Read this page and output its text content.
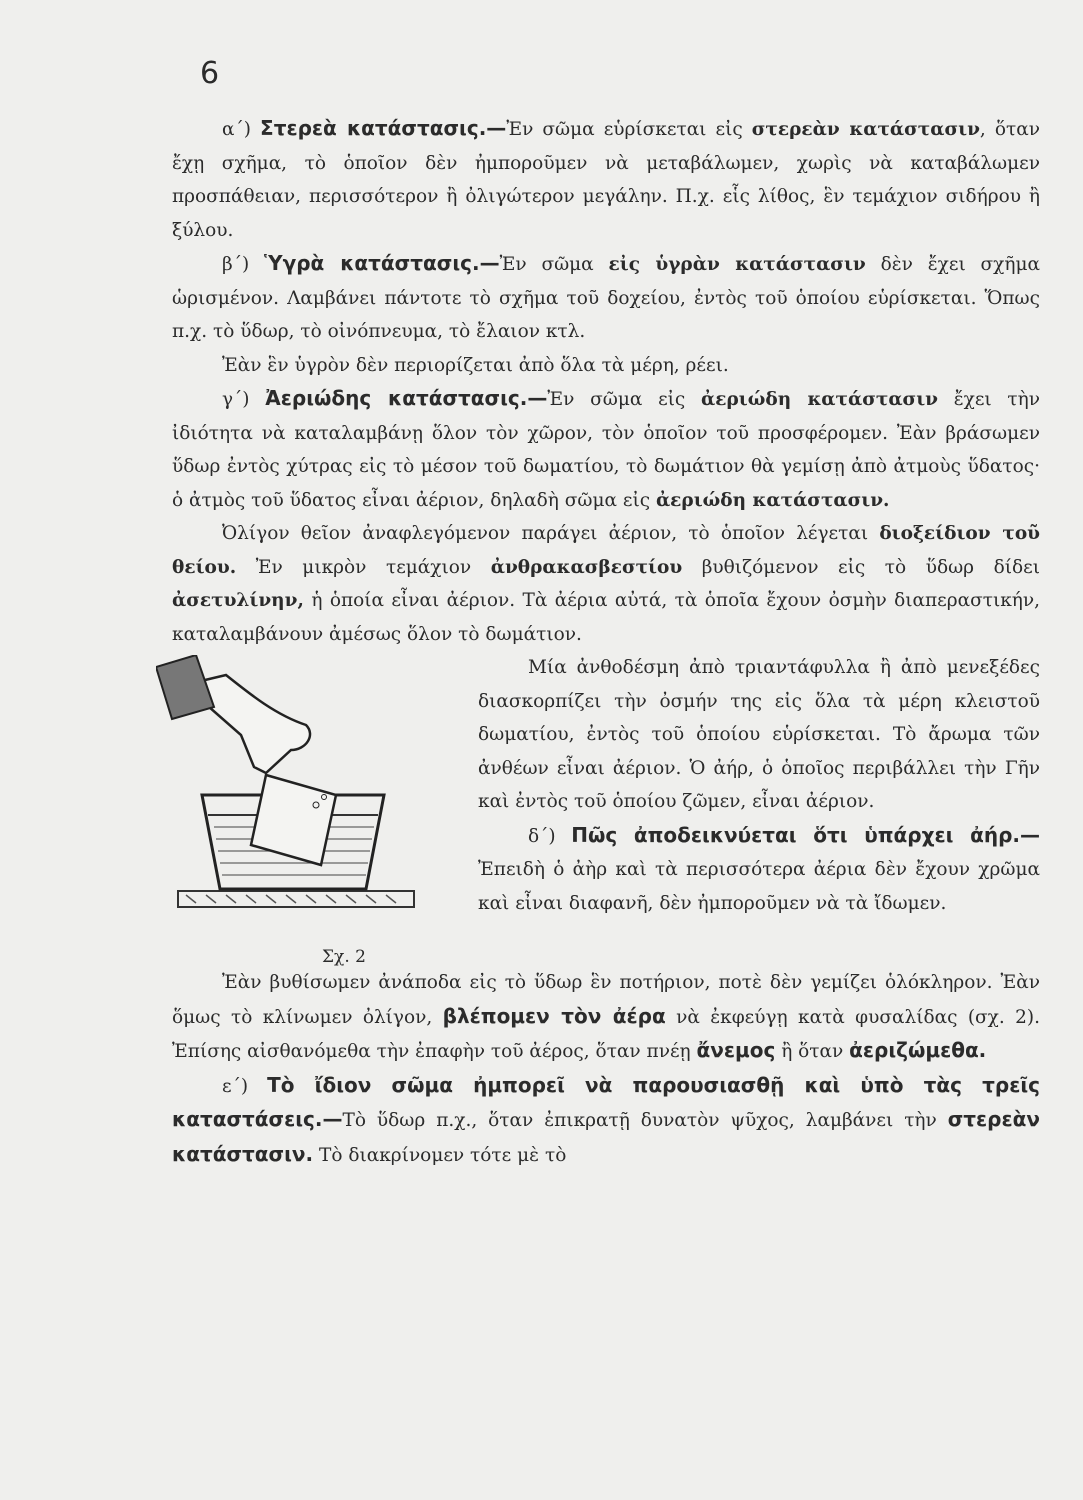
6

α΄) Στερεὰ κατάστασις.—Ἐν σῶμα εὑρίσκεται εἰς στερεὰν κατάστασιν, ὅταν ἔχῃ σχῆμα, τὸ ὁποῖον δὲν ἠμποροῦμεν νὰ μεταβάλωμεν, χωρὶς νὰ καταβάλωμεν προσπάθειαν, περισσότερον ἢ ὀλιγώτερον μεγάλην. Π.χ. εἷς λίθος, ἓν τεμάχιον σιδήρου ἢ ξύλου.

β΄) Ὑγρὰ κατάστασις.—Ἐν σῶμα εἰς ὑγρὰν κατάστασιν δὲν ἔχει σχῆμα ὡρισμένον. Λαμβάνει πάντοτε τὸ σχῆμα τοῦ δοχείου, ἐντὸς τοῦ ὁποίου εὑρίσκεται. Ὅπως π.χ. τὸ ὕδωρ, τὸ οἰνόπνευμα, τὸ ἔλαιον κτλ.

Ἐὰν ἓν ὑγρὸν δὲν περιορίζεται ἀπὸ ὅλα τὰ μέρη, ρέει.

γ΄) Ἀεριώδης κατάστασις.—Ἐν σῶμα εἰς ἀεριώδη κατάστασιν ἔχει τὴν ἰδιότητα νὰ καταλαμβάνῃ ὅλον τὸν χῶρον, τὸν ὁποῖον τοῦ προσφέρομεν. Ἐὰν βράσωμεν ὕδωρ ἐντὸς χύτρας εἰς τὸ μέσον τοῦ δωματίου, τὸ δωμάτιον θὰ γεμίσῃ ἀπὸ ἀτμοὺς ὕδατος· ὁ ἀτμὸς τοῦ ὕδατος εἶναι ἀέριον, δηλαδὴ σῶμα εἰς ἀεριώδη κατάστασιν.

Ὀλίγον θεῖον ἀναφλεγόμενον παράγει ἀέριον, τὸ ὁποῖον λέγεται διοξείδιον τοῦ θείου. Ἐν μικρὸν τεμάχιον ἀνθρακασβεστίου βυθιζόμενον εἰς τὸ ὕδωρ δίδει ἀσετυλίνην, ἡ ὁποία εἶναι ἀέριον. Τὰ ἀέρια αὐτά, τὰ ὁποῖα ἔχουν ὀσμὴν διαπεραστικήν, καταλαμβάνουν ἀμέσως ὅλον τὸ δωμάτιον.

Σχ. 2
Μία ἀνθοδέσμη ἀπὸ τριαντάφυλλα ἢ ἀπὸ μενεξέδες διασκορπίζει τὴν ὀσμήν της εἰς ὅλα τὰ μέρη κλειστοῦ δωματίου, ἐντὸς τοῦ ὁποίου εὑρίσκεται. Τὸ ἄρωμα τῶν ἀνθέων εἶναι ἀέριον. Ὁ ἀήρ, ὁ ὁποῖος περιβάλλει τὴν Γῆν καὶ ἐντὸς τοῦ ὁποίου ζῶμεν, εἶναι ἀέριον.

δ΄) Πῶς ἀποδεικνύεται ὅτι ὑπάρχει ἀήρ.—Ἐπειδὴ ὁ ἀὴρ καὶ τὰ περισσότερα ἀέρια δὲν ἔχουν χρῶμα καὶ εἶναι διαφανῆ, δὲν ἠμποροῦμεν νὰ τὰ ἴδωμεν.

Ἐὰν βυθίσωμεν ἀνάποδα εἰς τὸ ὕδωρ ἓν ποτήριον, ποτὲ δὲν γεμίζει ὁλόκληρον. Ἐὰν ὅμως τὸ κλίνωμεν ὀλίγον, βλέπομεν τὸν ἀέρα νὰ ἐκφεύγῃ κατὰ φυσαλίδας (σχ. 2). Ἐπίσης αἰσθανόμεθα τὴν ἐπαφὴν τοῦ ἀέρος, ὅταν πνέῃ ἄνεμος ἢ ὅταν ἀεριζώμεθα.

ε΄) Τὸ ἴδιον σῶμα ἠμπορεῖ νὰ παρουσιασθῇ καὶ ὑπὸ τὰς τρεῖς καταστάσεις.—Τὸ ὕδωρ π.χ., ὅταν ἐπικρατῇ δυνατὸν ψῦχος, λαμβάνει τὴν στερεὰν κατάστασιν. Τὸ διακρίνομεν τότε μὲ τὸ
